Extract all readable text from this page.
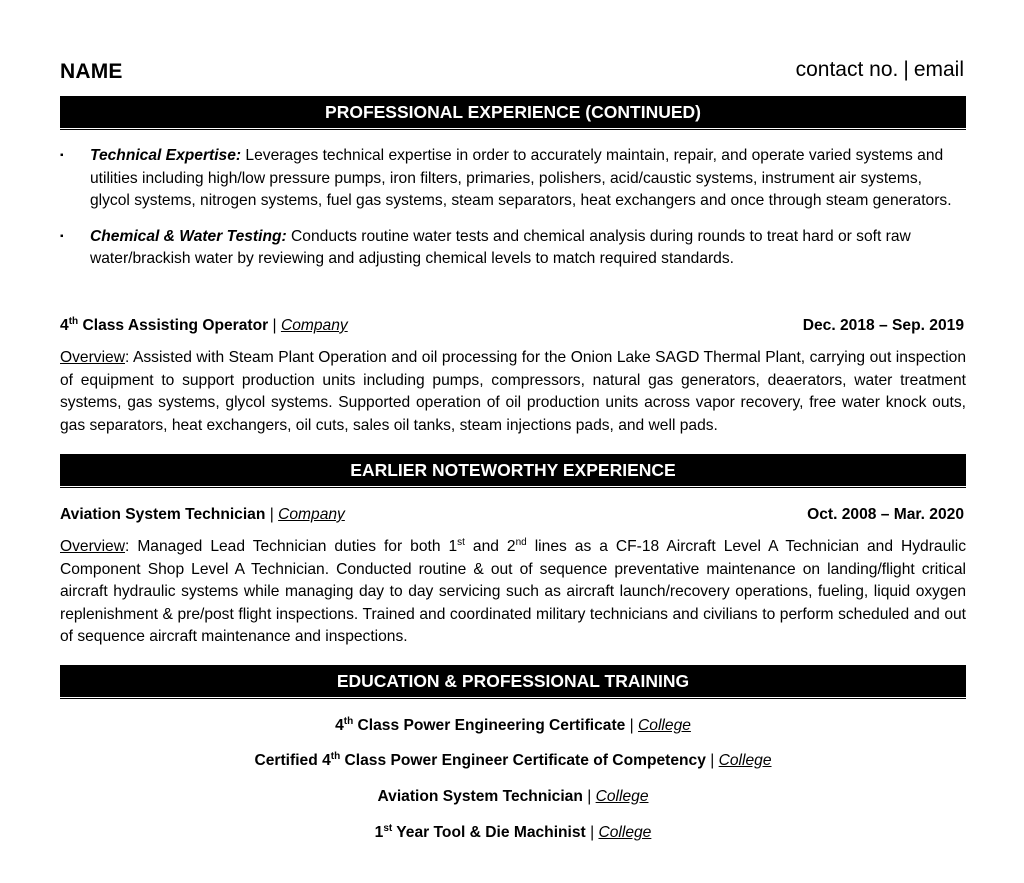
NAME	contact no. | email
PROFESSIONAL EXPERIENCE (CONTINUED)
▪ Technical Expertise: Leverages technical expertise in order to accurately maintain, repair, and operate varied systems and utilities including high/low pressure pumps, iron filters, primaries, polishers, acid/caustic systems, instrument air systems, glycol systems, nitrogen systems, fuel gas systems, steam separators, heat exchangers and once through steam generators.
▪ Chemical & Water Testing: Conducts routine water tests and chemical analysis during rounds to treat hard or soft raw water/brackish water by reviewing and adjusting chemical levels to match required standards.
4th Class Assisting Operator | Company	Dec. 2018 – Sep. 2019
Overview: Assisted with Steam Plant Operation and oil processing for the Onion Lake SAGD Thermal Plant, carrying out inspection of equipment to support production units including pumps, compressors, natural gas generators, deaerators, water treatment systems, gas systems, glycol systems. Supported operation of oil production units across vapor recovery, free water knock outs, gas separators, heat exchangers, oil cuts, sales oil tanks, steam injections pads, and well pads.
EARLIER NOTEWORTHY EXPERIENCE
Aviation System Technician | Company	Oct. 2008 – Mar. 2020
Overview: Managed Lead Technician duties for both 1st and 2nd lines as a CF-18 Aircraft Level A Technician and Hydraulic Component Shop Level A Technician. Conducted routine & out of sequence preventative maintenance on landing/flight critical aircraft hydraulic systems while managing day to day servicing such as aircraft launch/recovery operations, fueling, liquid oxygen replenishment & pre/post flight inspections. Trained and coordinated military technicians and civilians to perform scheduled and out of sequence aircraft maintenance and inspections.
EDUCATION & PROFESSIONAL TRAINING
4th Class Power Engineering Certificate | College
Certified 4th Class Power Engineer Certificate of Competency | College
Aviation System Technician | College
1st Year Tool & Die Machinist | College
